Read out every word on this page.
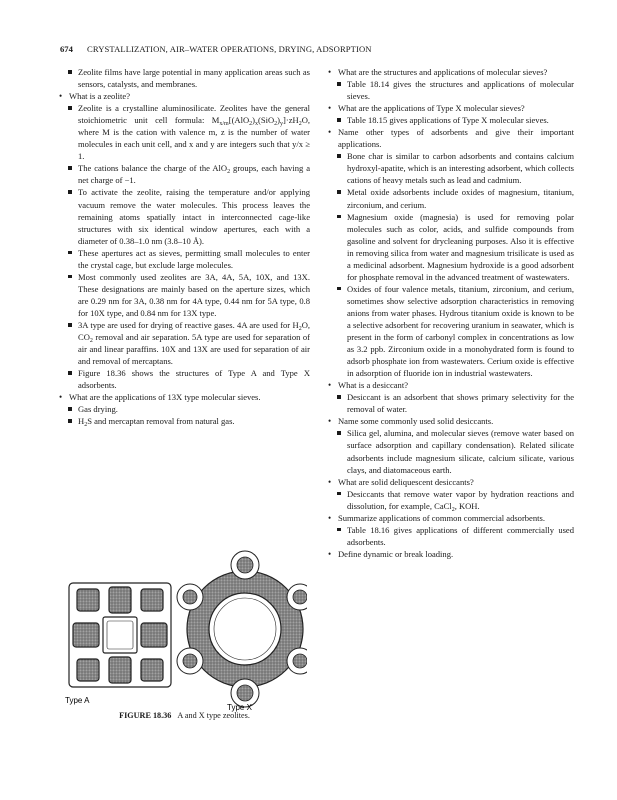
674 CRYSTALLIZATION, AIR–WATER OPERATIONS, DRYING, ADSORPTION

Zeolite films have large potential in many application areas such as sensors, catalysts, and membranes.

• What is a zeolite?

Zeolite is a crystalline aluminosilicate. Zeolites have the general stoichiometric unit cell formula: $M_{x/m}[(AlO_2)_x(SiO_2)_y]\cdot zH_2O$, where M is the cation with valence m, z is the number of water molecules in each unit cell, and x and y are integers such that y/x ≥ 1.

The cations balance the charge of the AlO$_2$ groups, each having a net charge of −1.

To activate the zeolite, raising the temperature and/or applying vacuum remove the water molecules. This process leaves the remaining atoms spatially intact in interconnected cage-like structures with six identical window apertures, each with a diameter of 0.38–1.0 nm (3.8–10 Å).

These apertures act as sieves, permitting small molecules to enter the crystal cage, but exclude large molecules.

Most commonly used zeolites are 3A, 4A, 5A, 10X, and 13X. These designations are mainly based on the aperture sizes, which are 0.29 nm for 3A, 0.38 nm for 4A type, 0.44 nm for 5A type, 0.8 for 10X type, and 0.84 nm for 13X type.

3A type are used for drying of reactive gases. 4A are used for $H_2O$, $CO_2$ removal and air separation. 5A type are used for separation of air and linear paraffins. 10X and 13X are used for separation of air and removal of mercaptans.

Figure 18.36 shows the structures of Type A and Type X adsorbents.

• What are the applications of 13X type molecular sieves.

Gas drying.

$H_2S$ and mercaptan removal from natural gas.

Type A
Type X
FIGURE 18.36 A and X type zeolites.

• What are the structures and applications of molecular sieves?

Table 18.14 gives the structures and applications of molecular sieves.

• What are the applications of Type X molecular sieves?

Table 18.15 gives applications of Type X molecular sieves.

• Name other types of adsorbents and give their important applications.

Bone char is similar to carbon adsorbents and contains calcium hydroxyl-apatite, which is an interesting adsorbent, which collects cations of heavy metals such as lead and cadmium.

Metal oxide adsorbents include oxides of magnesium, titanium, zirconium, and cerium.

Magnesium oxide (magnesia) is used for removing polar molecules such as color, acids, and sulfide compounds from gasoline and solvent for drycleaning purposes. Also it is effective in removing silica from water and magnesium trisilicate is used as a medicinal adsorbent. Magnesium hydroxide is a good adsorbent for phosphate removal in the advanced treatment of wastewaters.

Oxides of four valence metals, titanium, zirconium, and cerium, sometimes show selective adsorption characteristics in removing anions from water phases. Hydrous titanium oxide is known to be a selective adsorbent for recovering uranium in seawater, which is present in the form of carbonyl complex in concentrations as low as 3.2 ppb. Zirconium oxide in a monohydrated form is found to adsorb phosphate ion from wastewaters. Cerium oxide is effective in adsorption of fluoride ion in industrial wastewaters.

• What is a desiccant?

Desiccant is an adsorbent that shows primary selectivity for the removal of water.

• Name some commonly used solid desiccants.

Silica gel, alumina, and molecular sieves (remove water based on surface adsorption and capillary condensation). Related silicate adsorbents include magnesium silicate, calcium silicate, various clays, and diatomaceous earth.

• What are solid deliquescent desiccants?

Desiccants that remove water vapor by hydration reactions and dissolution, for example, CaCl$_2$, KOH.

• Summarize applications of common commercial adsorbents.

Table 18.16 gives applications of different commercially used adsorbents.

• Define dynamic or break loading.
